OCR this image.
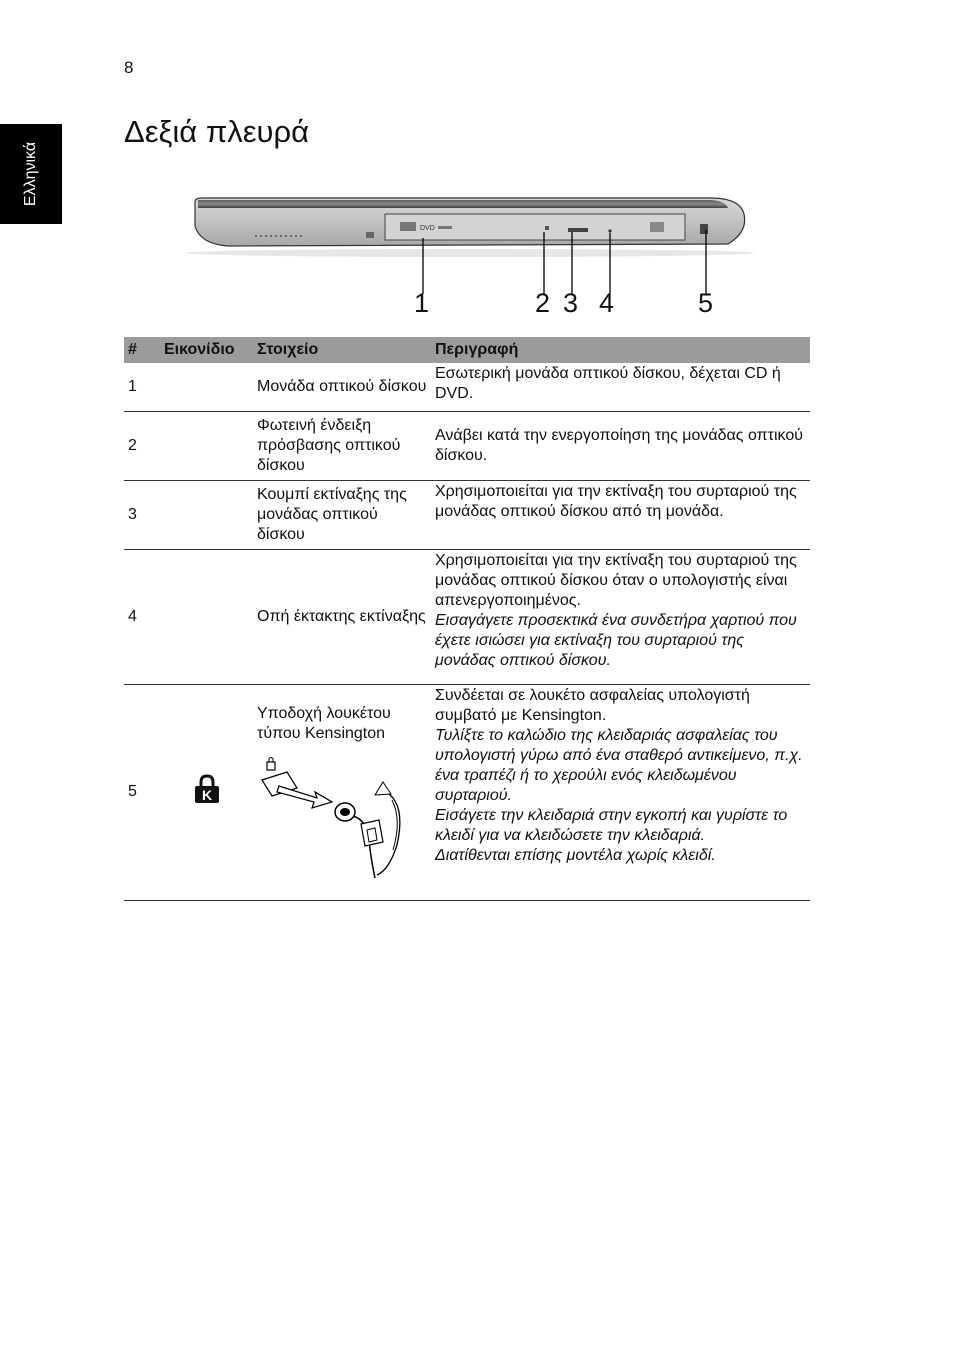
8
Ελληνικά
Δεξιά πλευρά
DVD
1	2 3 4	5
#	Εικονίδιο	Στοιχείο	Περιγραφή
1		Μονάδα οπτικού δίσκου	Εσωτερική μονάδα οπτικού δίσκου, δέχεται CD ή DVD.
2		Φωτεινή ένδειξη πρόσβασης οπτικού δίσκου	Ανάβει κατά την ενεργοποίηση της μονάδας οπτικού δίσκου.
3		Κουμπί εκτίναξης της μονάδας οπτικού δίσκου	Χρησιμοποιείται για την εκτίναξη του συρταριού της μονάδας οπτικού δίσκου από τη μονάδα.
4		Οπή έκτακτης εκτίναξης	Χρησιμοποιείται για την εκτίναξη του συρταριού της μονάδας οπτικού δίσκου όταν ο υπολογιστής είναι απενεργοποιημένος.
Εισαγάγετε προσεκτικά ένα συνδετήρα χαρτιού που έχετε ισιώσει για εκτίναξη του συρταριού της μονάδας οπτικού δίσκου.

5	K	Υποδοχή λουκέτου τύπου Kensington	Συνδέεται σε λουκέτο ασφαλείας υπολογιστή συμβατό με Kensington.
Τυλίξτε το καλώδιο της κλειδαριάς ασφαλείας του υπολογιστή γύρω από ένα σταθερό αντικείμενο, π.χ. ένα τραπέζι ή το χερούλι ενός κλειδωμένου συρταριού.
Εισάγετε την κλειδαριά στην εγκοπή και γυρίστε το κλειδί για να κλειδώσετε την κλειδαριά.
Διατίθενται επίσης μοντέλα χωρίς κλειδί.
